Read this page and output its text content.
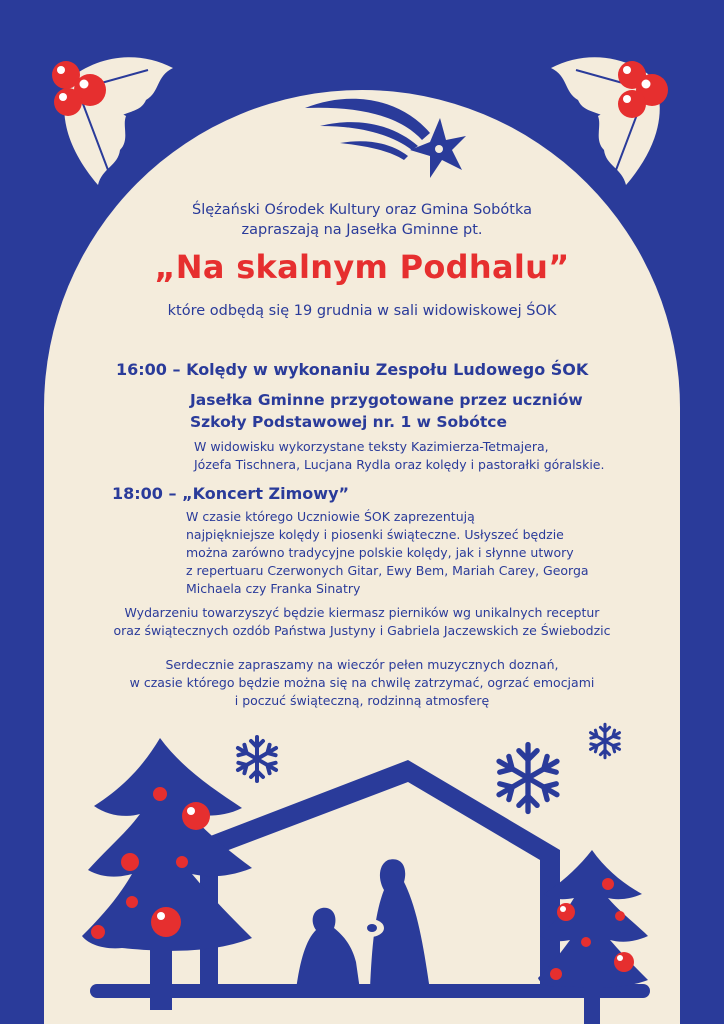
Ślężański Ośrodek Kultury oraz Gmina Sobótka
zapraszają na Jasełka Gminne pt.
„Na skalnym Podhalu”
które odbędą się 19 grudnia w sali widowiskowej ŚOK
16:00 – Kolędy w wykonaniu Zespołu Ludowego ŚOK
Jasełka Gminne przygotowane przez uczniów
Szkoły Podstawowej nr. 1 w Sobótce
W widowisku wykorzystane teksty Kazimierza-Tetmajera,
Józefa Tischnera, Lucjana Rydla oraz kolędy i pastorałki góralskie.
18:00 – „Koncert Zimowy”
W czasie którego Uczniowie ŚOK zaprezentują
najpiękniejsze kolędy i piosenki świąteczne. Usłyszeć będzie
można zarówno tradycyjne polskie kolędy, jak i słynne utwory
z repertuaru Czerwonych Gitar, Ewy Bem, Mariah Carey, Georga
Michaela czy Franka Sinatry
Wydarzeniu towarzyszyć będzie kiermasz pierników wg unikalnych receptur
oraz świątecznych ozdób Państwa Justyny i Gabriela Jaczewskich ze Świebodzic
Serdecznie zapraszamy na wieczór pełen muzycznych doznań,
w czasie którego będzie można się na chwilę zatrzymać, ogrzać emocjami
i poczuć świąteczną, rodzinną atmosferę
